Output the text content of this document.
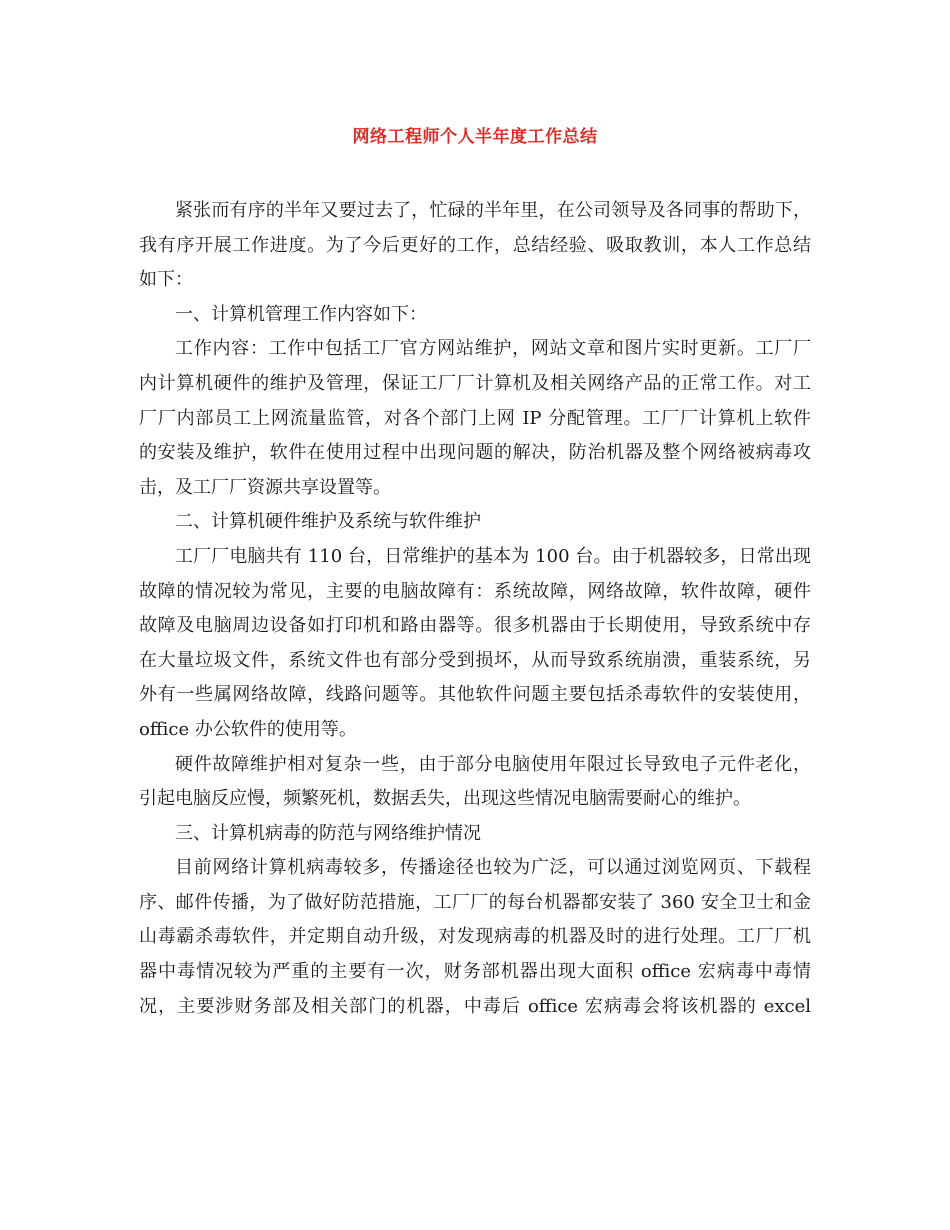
网络工程师个人半年度工作总结
紧张而有序的半年又要过去了，忙碌的半年里，在公司领导及各同事的帮助下，
我有序开展工作进度。为了今后更好的工作，总结经验、吸取教训，本人工作总结
如下：
一、计算机管理工作内容如下：
工作内容：工作中包括工厂官方网站维护，网站文章和图片实时更新。工厂厂
内计算机硬件的维护及管理，保证工厂厂计算机及相关网络产品的正常工作。对工
厂厂内部员工上网流量监管，对各个部门上网 IP 分配管理。工厂厂计算机上软件
的安装及维护，软件在使用过程中出现问题的解决，防治机器及整个网络被病毒攻
击，及工厂厂资源共享设置等。
二、计算机硬件维护及系统与软件维护
工厂厂电脑共有 110 台，日常维护的基本为 100 台。由于机器较多，日常出现
故障的情况较为常见，主要的电脑故障有：系统故障，网络故障，软件故障，硬件
故障及电脑周边设备如打印机和路由器等。很多机器由于长期使用，导致系统中存
在大量垃圾文件，系统文件也有部分受到损坏，从而导致系统崩溃，重装系统，另
外有一些属网络故障，线路问题等。其他软件问题主要包括杀毒软件的安装使用，
office 办公软件的使用等。
硬件故障维护相对复杂一些，由于部分电脑使用年限过长导致电子元件老化，
引起电脑反应慢，频繁死机，数据丢失，出现这些情况电脑需要耐心的维护。
三、计算机病毒的防范与网络维护情况
目前网络计算机病毒较多，传播途径也较为广泛，可以通过浏览网页、下载程
序、邮件传播，为了做好防范措施，工厂厂的每台机器都安装了 360 安全卫士和金
山毒霸杀毒软件，并定期自动升级，对发现病毒的机器及时的进行处理。工厂厂机
器中毒情况较为严重的主要有一次，财务部机器出现大面积 office 宏病毒中毒情
况，主要涉财务部及相关部门的机器，中毒后 office 宏病毒会将该机器的 excel
